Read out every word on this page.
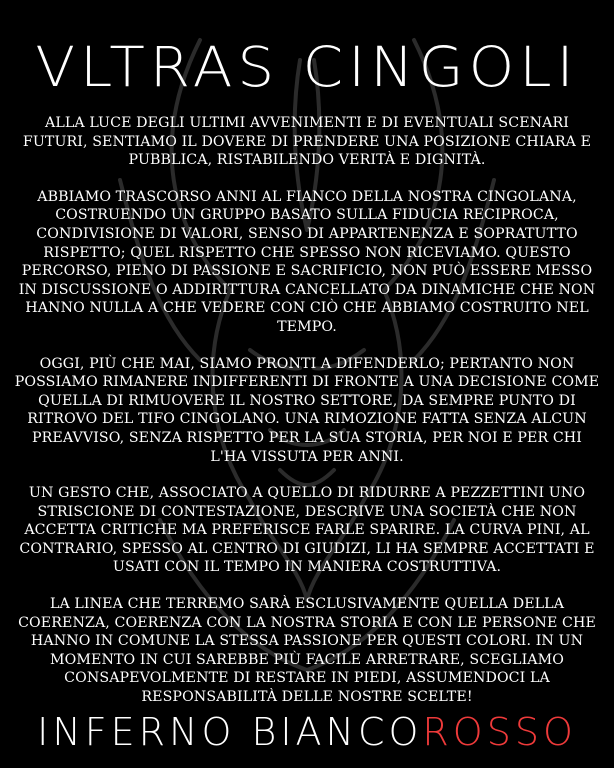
VLTRAS CINGOLI

ALLA LUCE DEGLI ULTIMI AVVENIMENTI E DI EVENTUALI SCENARI FUTURI, SENTIAMO IL DOVERE DI PRENDERE UNA POSIZIONE CHIARA E PUBBLICA, RISTABILENDO VERITÀ E DIGNITÀ.

ABBIAMO TRASCORSO ANNI AL FIANCO DELLA NOSTRA CINGOLANA, COSTRUENDO UN GRUPPO BASATO SULLA FIDUCIA RECIPROCA, CONDIVISIONE DI VALORI, SENSO DI APPARTENENZA E SOPRATUTTO RISPETTO; QUEL RISPETTO CHE SPESSO NON RICEVIAMO. QUESTO PERCORSO, PIENO DI PASSIONE E SACRIFICIO, NON PUÒ ESSERE MESSO IN DISCUSSIONE O ADDIRITTURA CANCELLATO DA DINAMICHE CHE NON HANNO NULLA A CHE VEDERE CON CIÒ CHE ABBIAMO COSTRUITO NEL TEMPO.

OGGI, PIÙ CHE MAI, SIAMO PRONTI A DIFENDERLO; PERTANTO NON POSSIAMO RIMANERE INDIFFERENTI DI FRONTE A UNA DECISIONE COME QUELLA DI RIMUOVERE IL NOSTRO SETTORE, DA SEMPRE PUNTO DI RITROVO DEL TIFO CINGOLANO. UNA RIMOZIONE FATTA SENZA ALCUN PREAVVISO, SENZA RISPETTO PER LA SUA STORIA, PER NOI E PER CHI L'HA VISSUTA PER ANNI.

UN GESTO CHE, ASSOCIATO A QUELLO DI RIDURRE A PEZZETTINI UNO STRISCIONE DI CONTESTAZIONE, DESCRIVE UNA SOCIETÀ CHE NON ACCETTA CRITICHE MA PREFERISCE FARLE SPARIRE. LA CURVA PINI, AL CONTRARIO, SPESSO AL CENTRO DI GIUDIZI, LI HA SEMPRE ACCETTATI E USATI CON IL TEMPO IN MANIERA COSTRUTTIVA.

LA LINEA CHE TERREMO SARÀ ESCLUSIVAMENTE QUELLA DELLA COERENZA, COERENZA CON LA NOSTRA STORIA E CON LE PERSONE CHE HANNO IN COMUNE LA STESSA PASSIONE PER QUESTI COLORI. IN UN MOMENTO IN CUI SAREBBE PIÙ FACILE ARRETRARE, SCEGLIAMO CONSAPEVOLMENTE DI RESTARE IN PIEDI, ASSUMENDOCI LA RESPONSABILITÀ DELLE NOSTRE SCELTE!

INFERNO BIANCOROSSO
